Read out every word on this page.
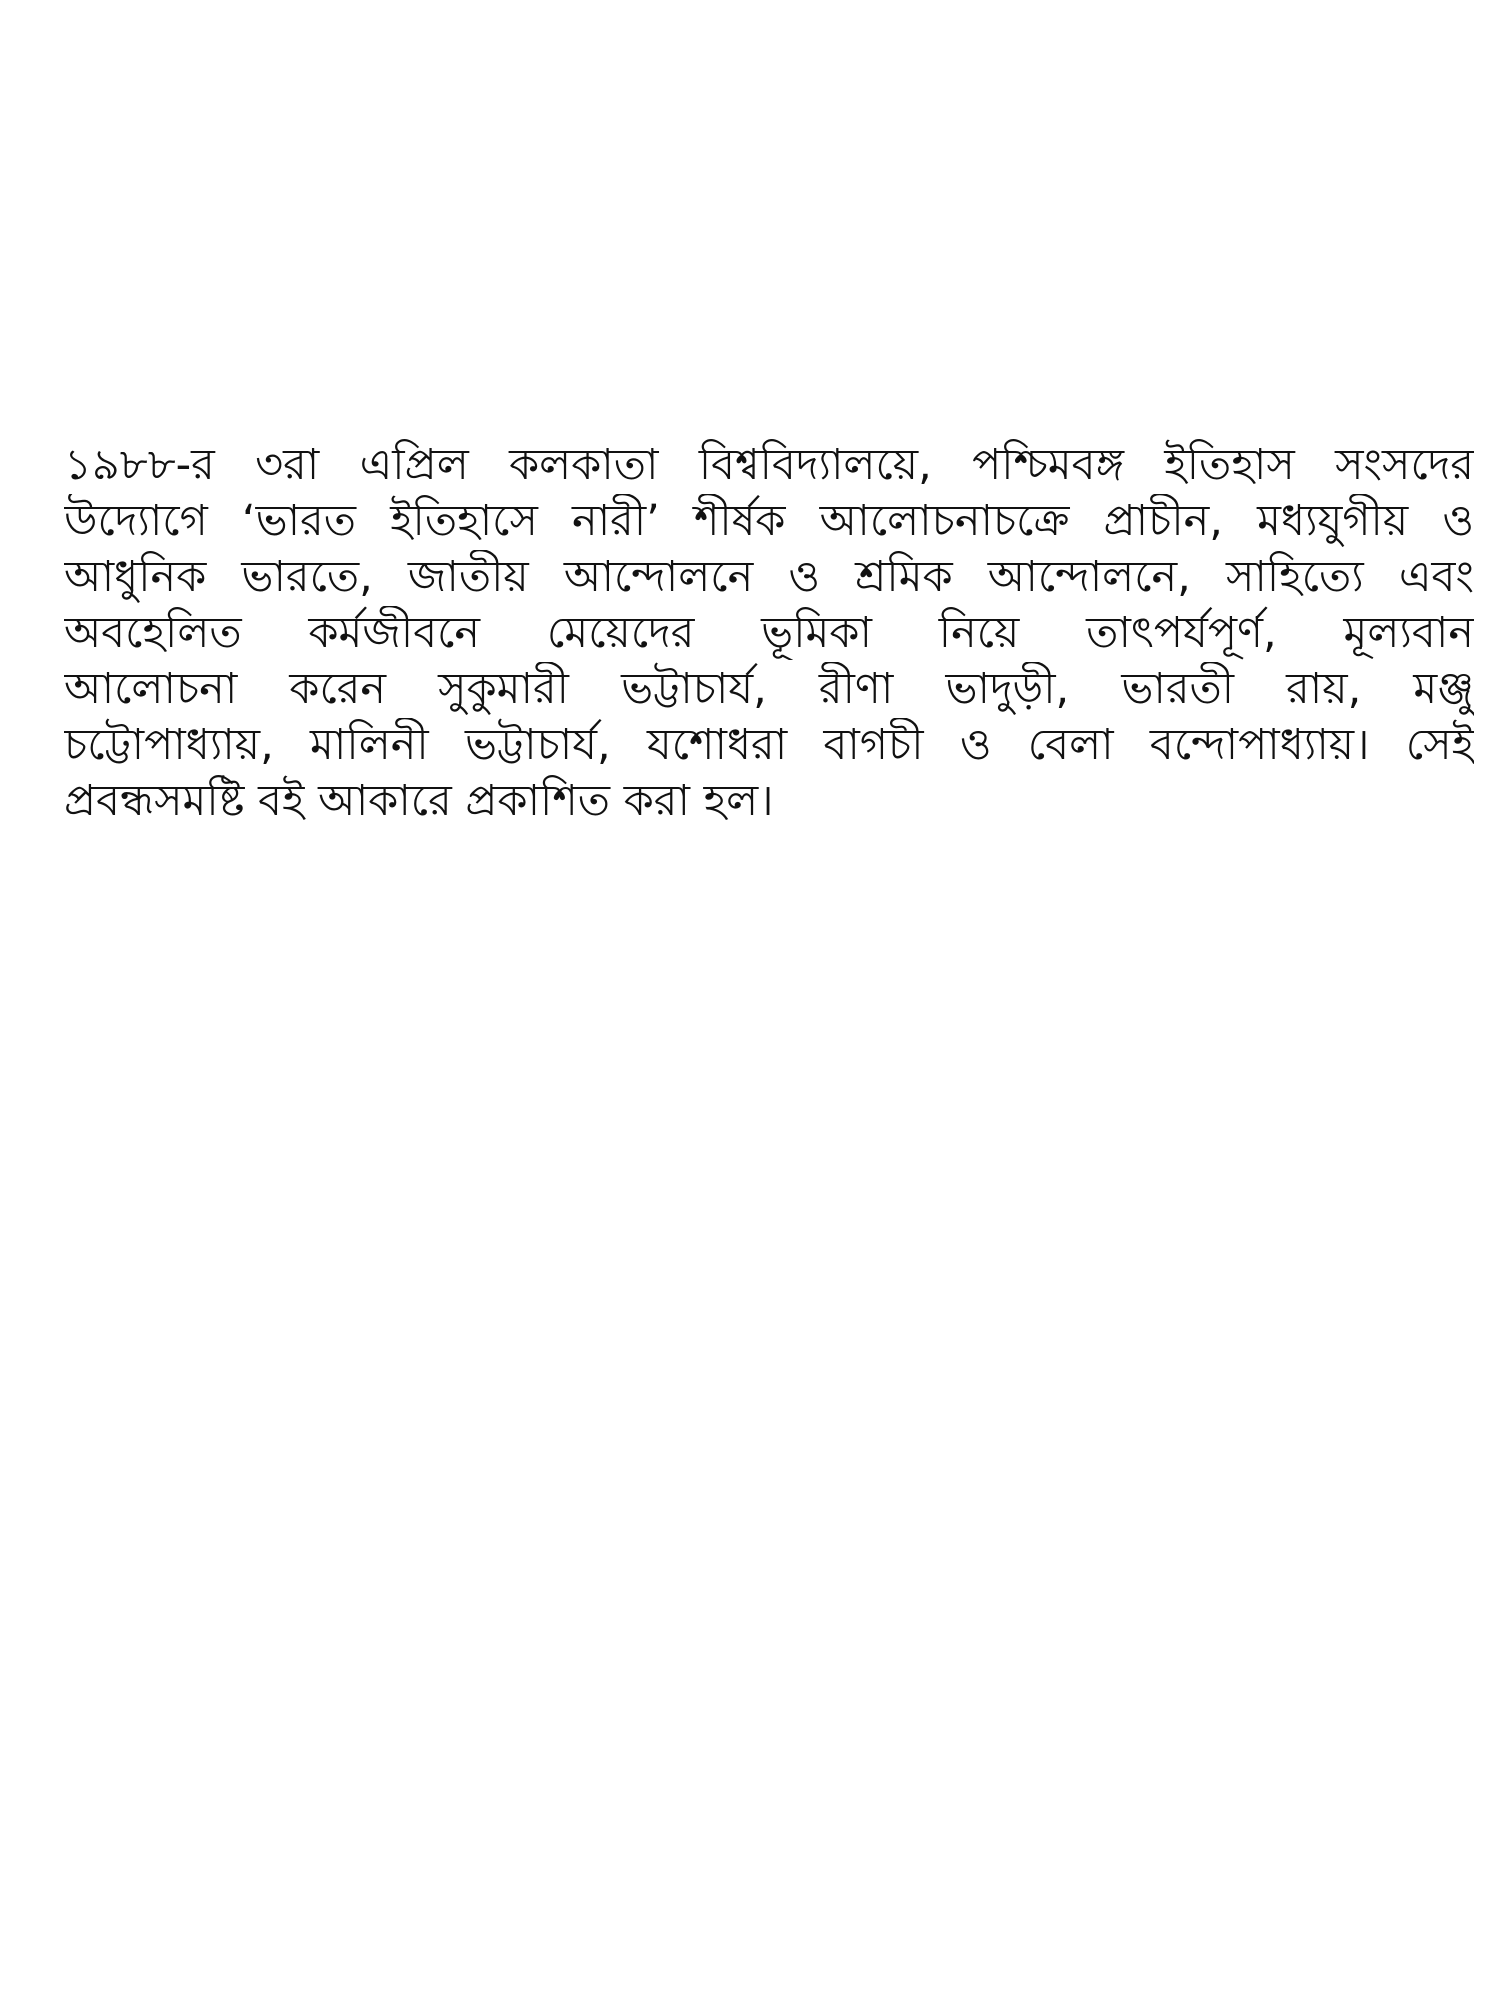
১৯৮৮-র ৩রা এপ্রিল কলকাতা বিশ্ববিদ্যালয়ে, পশ্চিমবঙ্গ ইতিহাস সংসদের
উদ্যোগে ‘ভারত ইতিহাসে নারী’ শীর্ষক আলোচনাচক্রে প্রাচীন, মধ্যযুগীয় ও
আধুনিক ভারতে, জাতীয় আন্দোলনে ও শ্রমিক আন্দোলনে, সাহিত্যে এবং
অবহেলিত কর্মজীবনে মেয়েদের ভূমিকা নিয়ে তাৎপর্যপূর্ণ, মূল্যবান
আলোচনা করেন সুকুমারী ভট্টাচার্য, রীণা ভাদুড়ী, ভারতী রায়, মঞ্জু
চট্টোপাধ্যায়, মালিনী ভট্টাচার্য, যশোধরা বাগচী ও বেলা বন্দোপাধ্যায়। সেই
প্রবন্ধসমষ্টি বই আকারে প্রকাশিত করা হল।
